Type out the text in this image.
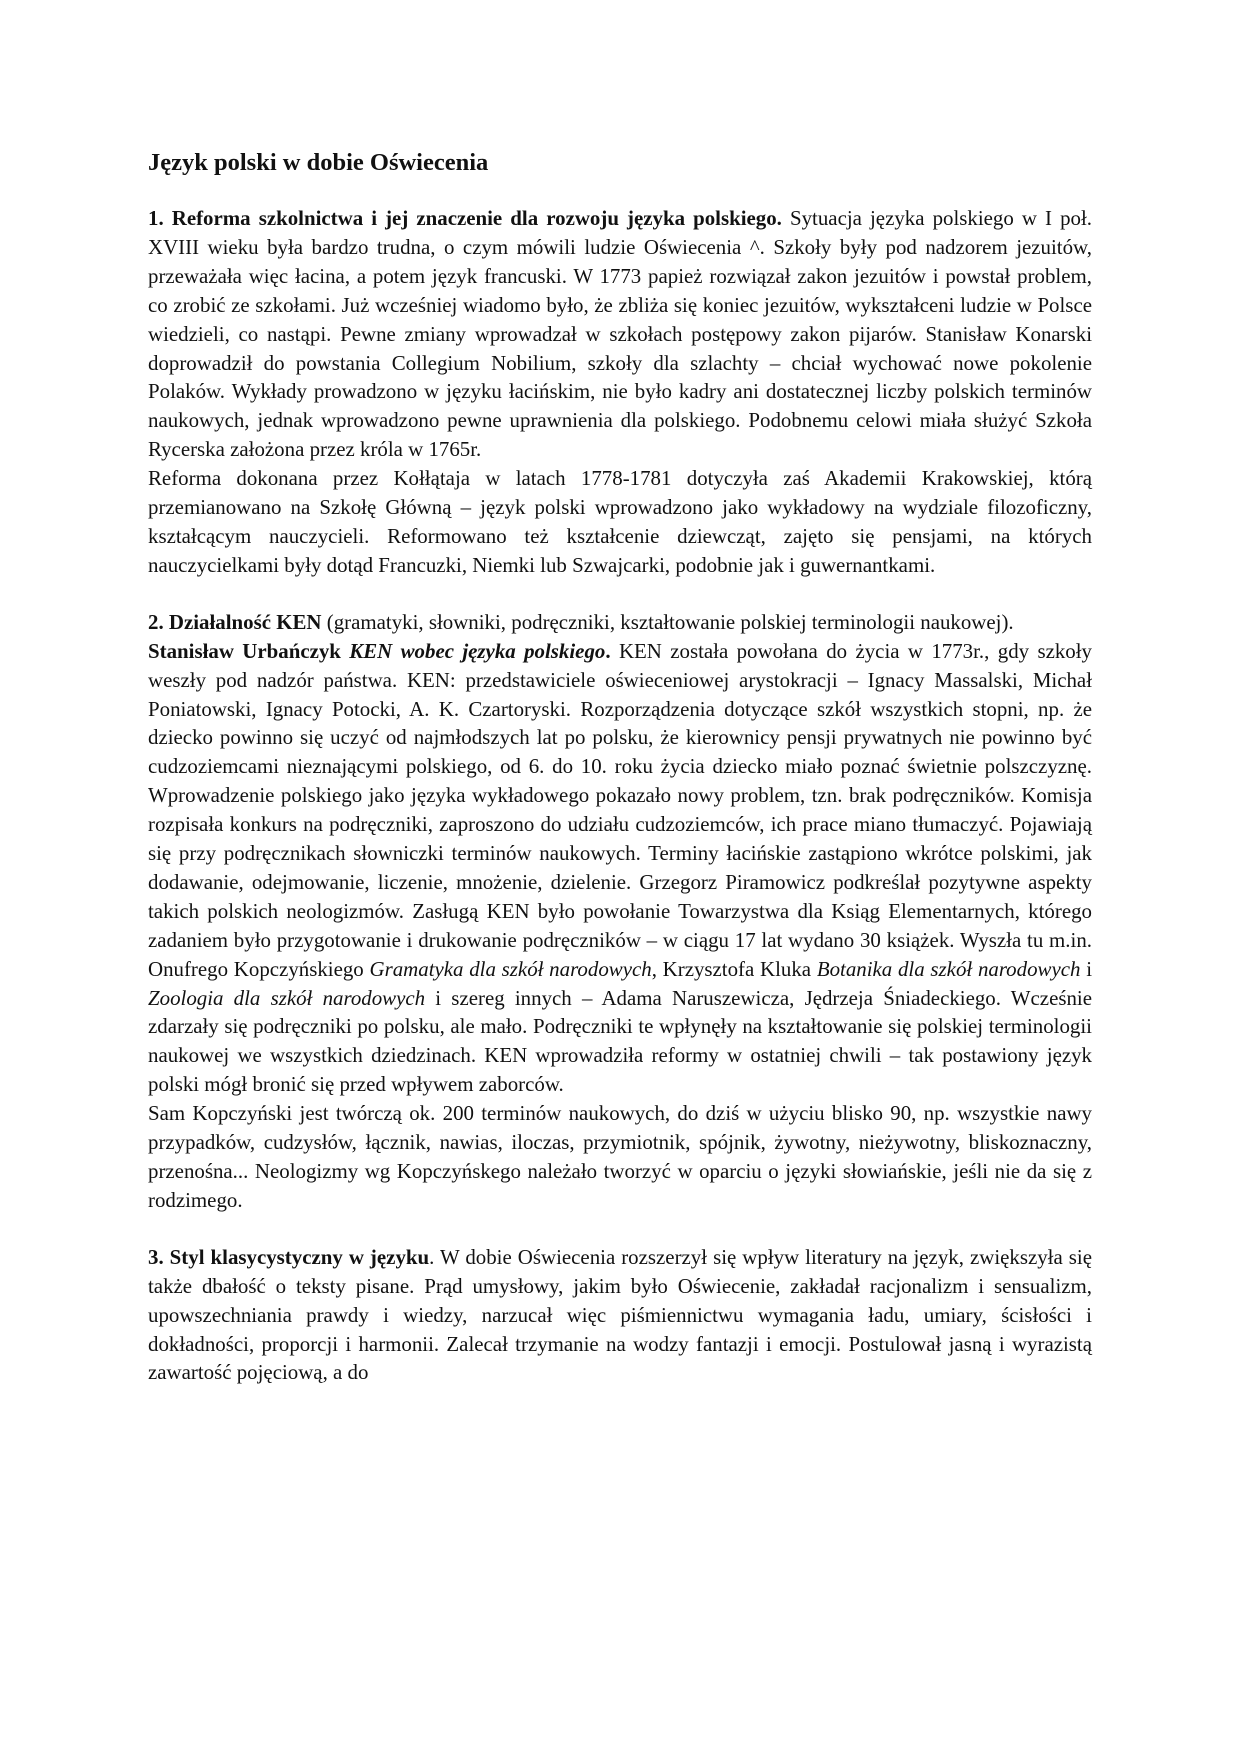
Język polski w dobie Oświecenia

1. Reforma szkolnictwa i jej znaczenie dla rozwoju języka polskiego. Sytuacja języka polskiego w I poł. XVIII wieku była bardzo trudna, o czym mówili ludzie Oświecenia ^. Szkoły były pod nadzorem jezuitów, przeważała więc łacina, a potem język francuski. W 1773 papież rozwiązał zakon jezuitów i powstał problem, co zrobić ze szkołami. Już wcześniej wiadomo było, że zbliża się koniec jezuitów, wykształceni ludzie w Polsce wiedzieli, co nastąpi. Pewne zmiany wprowadzał w szkołach postępowy zakon pijarów. Stanisław Konarski doprowadził do powstania Collegium Nobilium, szkoły dla szlachty – chciał wychować nowe pokolenie Polaków. Wykłady prowadzono w języku łacińskim, nie było kadry ani dostatecznej liczby polskich terminów naukowych, jednak wprowadzono pewne uprawnienia dla polskiego. Podobnemu celowi miała służyć Szkoła Rycerska założona przez króla w 1765r.

Reforma dokonana przez Kołłątaja w latach 1778-1781 dotyczyła zaś Akademii Krakowskiej, którą przemianowano na Szkołę Główną – język polski wprowadzono jako wykładowy na wydziale filozoficzny, kształcącym nauczycieli. Reformowano też kształcenie dziewcząt, zajęto się pensjami, na których nauczycielkami były dotąd Francuzki, Niemki lub Szwajcarki, podobnie jak i guwernantkami.

2. Działalność KEN (gramatyki, słowniki, podręczniki, kształtowanie polskiej terminologii naukowej).

Stanisław Urbańczyk KEN wobec języka polskiego. KEN została powołana do życia w 1773r., gdy szkoły weszły pod nadzór państwa. KEN: przedstawiciele oświeceniowej arystokracji – Ignacy Massalski, Michał Poniatowski, Ignacy Potocki, A. K. Czartoryski. Rozporządzenia dotyczące szkół wszystkich stopni, np. że dziecko powinno się uczyć od najmłodszych lat po polsku, że kierownicy pensji prywatnych nie powinno być cudzoziemcami nieznającymi polskiego, od 6. do 10. roku życia dziecko miało poznać świetnie polszczyznę. Wprowadzenie polskiego jako języka wykładowego pokazało nowy problem, tzn. brak podręczników. Komisja rozpisała konkurs na podręczniki, zaproszono do udziału cudzoziemców, ich prace miano tłumaczyć. Pojawiają się przy podręcznikach słowniczki terminów naukowych. Terminy łacińskie zastąpiono wkrótce polskimi, jak dodawanie, odejmowanie, liczenie, mnożenie, dzielenie. Grzegorz Piramowicz podkreślał pozytywne aspekty takich polskich neologizmów. Zasługą KEN było powołanie Towarzystwa dla Ksiąg Elementarnych, którego zadaniem było przygotowanie i drukowanie podręczników – w ciągu 17 lat wydano 30 książek. Wyszła tu m.in. Onufrego Kopczyńskiego Gramatyka dla szkół narodowych, Krzysztofa Kluka Botanika dla szkół narodowych i Zoologia dla szkół narodowych i szereg innych – Adama Naruszewicza, Jędrzeja Śniadeckiego. Wcześnie zdarzały się podręczniki po polsku, ale mało. Podręczniki te wpłynęły na kształtowanie się polskiej terminologii naukowej we wszystkich dziedzinach. KEN wprowadziła reformy w ostatniej chwili – tak postawiony język polski mógł bronić się przed wpływem zaborców.

Sam Kopczyński jest twórczą ok. 200 terminów naukowych, do dziś w użyciu blisko 90, np. wszystkie nawy przypadków, cudzysłów, łącznik, nawias, iloczas, przymiotnik, spójnik, żywotny, nieżywotny, bliskoznaczny, przenośna... Neologizmy wg Kopczyńskego należało tworzyć w oparciu o języki słowiańskie, jeśli nie da się z rodzimego.

3. Styl klasycystyczny w języku. W dobie Oświecenia rozszerzył się wpływ literatury na język, zwiększyła się także dbałość o teksty pisane. Prąd umysłowy, jakim było Oświecenie, zakładał racjonalizm i sensualizm, upowszechniania prawdy i wiedzy, narzucał więc piśmiennictwu wymagania ładu, umiary, ścisłości i dokładności, proporcji i harmonii. Zalecał trzymanie na wodzy fantazji i emocji. Postulował jasną i wyrazistą zawartość pojęciową, a do
